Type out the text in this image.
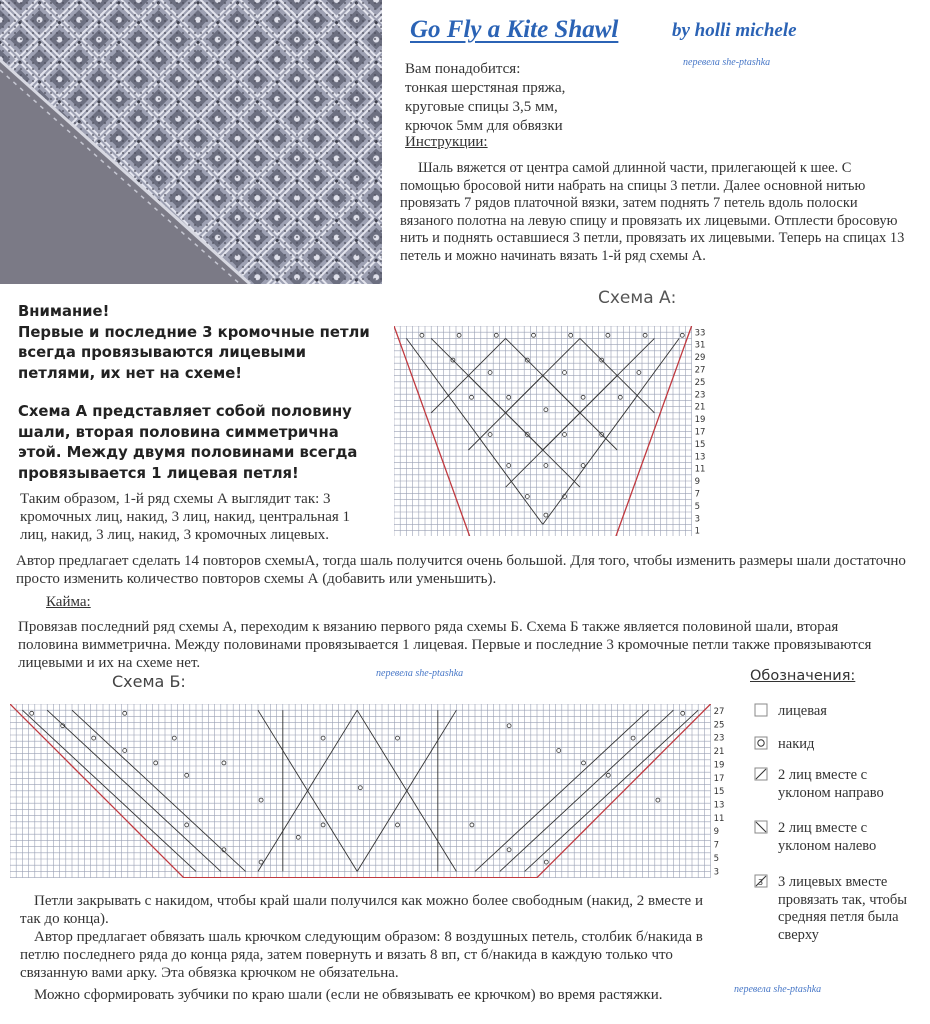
Go Fly a Kite Shawl	by holli michele
перевела she-ptashka
Вам понадобится:
тонкая шерстяная пряжа,
круговые спицы 3,5 мм,
крючок 5мм для обвязки
Инструкции:
Шаль вяжется от центра самой длинной части, прилегающей к шее. С помощью бросовой нити набрать на спицы 3 петли. Далее основной нитью провязать 7 рядов платочной вязки, затем поднять 7 петель вдоль полоски вязаного полотна на левую спицу и провязать их лицевыми. Отплести бросовую нить и поднять оставшиеся 3 петли, провязать их лицевыми. Теперь на спицах 13 петель и можно начинать вязать 1-й ряд схемы А.

Внимание!
Первые и последние 3 кромочные петли всегда провязываются лицевыми петлями, их нет на схеме!

Схема А представляет собой половину шали, вторая половина симметрична этой. Между двумя половинами всегда провязывается 1 лицевая петля!

Таким образом, 1-й ряд схемы А выглядит так: 3 кромочных лиц, накид, 3 лиц, накид, центральная 1 лиц, накид, 3 лиц, накид, 3 кромочных лицевых.
Схема А:
33
31
29
27
25
23
21
19
17
15
13
11
9
7
5
3
1
Автор предлагает сделать 14 повторов схемыА, тогда шаль получится очень большой. Для того, чтобы изменить размеры шали достаточно просто изменить количество повторов схемы А (добавить или уменьшить).
Кайма:
Провязав последний ряд схемы А, переходим к вязанию первого ряда схемы Б. Схема Б также является половиной шали, вторая половина вимметрична. Между половинами провязывается 1 лицевая. Первые и последние 3 кромочные петли также провязываются лицевыми и их на схеме нет.
перевела she-ptashka
Схема Б:
27
25
23
21
19
17
15
13
11
9
7
5
3
Обозначения:
лицевая
накид
2 лиц вместе с уклоном направо
2 лиц вместе с уклоном налево
3 3 лицевых вместе провязать так, чтобы средняя петля была сверху
Петли закрывать с накидом, чтобы край шали получился как можно более свободным (накид, 2 вместе и так до конца).
Автор предлагает обвязать шаль крючком следующим образом: 8 воздушных петель, столбик б/накида в петлю последнего ряда до конца ряда, затем повернуть и вязать 8 вп, ст б/накида в каждую только что связанную вами арку. Эта обвязка крючком не обязательна.
Можно сформировать зубчики по краю шали (если не обвязывать ее крючком) во время растяжки.	перевела she-ptashka
